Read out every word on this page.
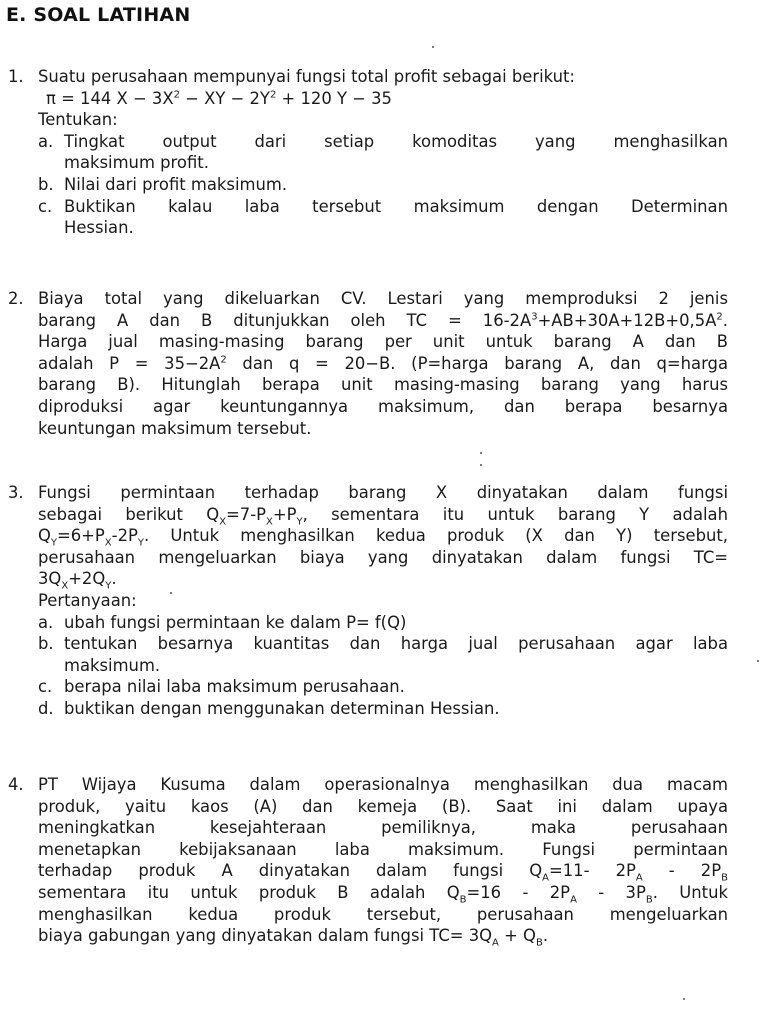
E. SOAL LATIHAN
1. Suatu perusahaan mempunyai fungsi total profit sebagai berikut:
π = 144 $X - 3X^2$ − XY − $2Y^2 + 120$ Y − 35
Tentukan:
a. Tingkat output dari setiap komoditas yang menghasilkan
maksimum profit.
b. Nilai dari profit maksimum.
c. Buktikan kalau laba tersebut maksimum dengan Determinan
Hessian.
2. Biaya total yang dikeluarkan CV. Lestari yang memproduksi 2 jenis
barang A dan B ditunjukkan oleh TC = $16-2A^3+AB+30A+12B+0,5A^2$.
Harga jual masing-masing barang per unit untuk barang A dan B
adalah $P = 35-2A^2$ dan q = 20−B. (P=harga barang A, dan q=harga
barang B). Hitunglah berapa unit masing-masing barang yang harus
diproduksi agar keuntungannya maksimum, dan berapa besarnya
keuntungan maksimum tersebut.
3. Fungsi permintaan terhadap barang X dinyatakan dalam fungsi
sebagai berikut $Q_X=7-P_X+P_Y$, sementara itu untuk barang Y adalah
$Q_Y=6+P_X-2P_Y$. Untuk menghasilkan kedua produk (X dan Y) tersebut,
perusahaan mengeluarkan biaya yang dinyatakan dalam fungsi TC=
$3Q_X+2Q_Y$.
Pertanyaan:
a. ubah fungsi permintaan ke dalam P= f(Q)
b. tentukan besarnya kuantitas dan harga jual perusahaan agar laba
maksimum.
c. berapa nilai laba maksimum perusahaan.
d. buktikan dengan menggunakan determinan Hessian.
4. PT Wijaya Kusuma dalam operasionalnya menghasilkan dua macam
produk, yaitu kaos (A) dan kemeja (B). Saat ini dalam upaya
meningkatkan kesejahteraan pemiliknya, maka perusahaan
menetapkan kebijaksanaan laba maksimum. Fungsi permintaan
terhadap produk A dinyatakan dalam fungsi $Q_A=11-$ $2P_A - 2P_B$
sementara itu untuk produk B adalah $Q_B=16 - 2P_A - 3P_B$. Untuk
menghasilkan kedua produk tersebut, perusahaan mengeluarkan
biaya gabungan yang dinyatakan dalam fungsi $TC= 3Q_A + Q_B$.
